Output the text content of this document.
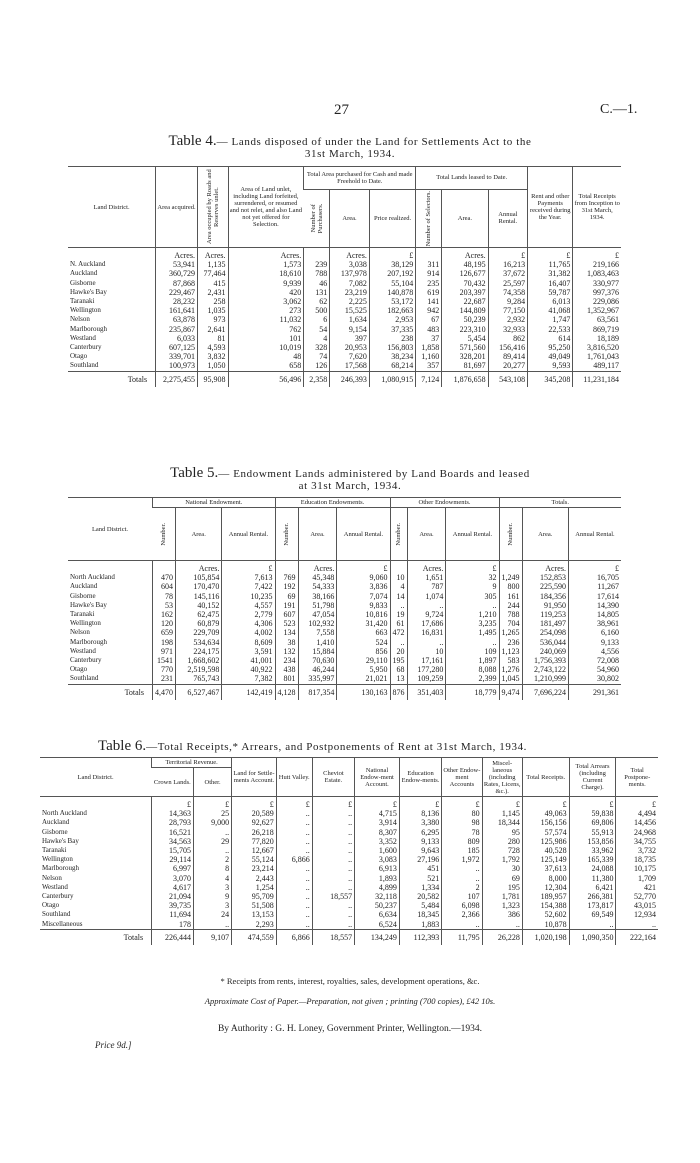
27	C.—1.
Table 4.— Lands disposed of under the Land for Settlements Act to the
31st March, 1934.
Land District.	Area acquired.	Area occupied by Roads and Reserves unlet.	Area of Land unlet, including Land forfeited, surrendered, or resumed and not relet, and also Land not yet offered for Selection.	Total Area purchased for Cash and made Freehold to Date.			Total Lands leased to Date.			Rent and other Payments received during the Year.	Total Receipts from Inception to 31st March, 1934.

				Number of Purchasers.	Area.	Price realized.	Number of Selectors.	Area.	Annual Rental.		
	Acres.	Acres.	Acres.		Acres.	£		Acres.	£	£	£
N. Auckland	53,941	1,135	1,573	239	3,038	38,129	311	48,195	16,213	11,765	219,166
Auckland	360,729	77,464	18,610	788	137,978	207,192	914	126,677	37,672	31,382	1,083,463
Gisborne	87,868	415	9,939	46	7,082	55,104	235	70,432	25,597	16,407	330,977
Hawke's Bay	229,467	2,431	420	131	23,219	140,878	619	203,397	74,358	59,787	997,376
Taranaki	28,232	258	3,062	62	2,225	53,172	141	22,687	9,284	6,013	229,086
Wellington	161,641	1,035	273	500	15,525	182,663	942	144,809	77,150	41,068	1,352,967
Nelson	63,878	973	11,032	6	1,634	2,953	67	50,239	2,932	1,747	63,561
Marlborough	235,867	2,641	762	54	9,154	37,335	483	223,310	32,933	22,533	869,719
Westland	6,033	81	101	4	397	238	37	5,454	862	614	18,189
Canterbury	607,125	4,593	10,019	328	20,953	156,803	1,858	571,560	156,416	95,250	3,816,520
Otago	339,701	3,832	48	74	7,620	38,234	1,160	328,201	89,414	49,049	1,761,043
Southland	100,973	1,050	658	126	17,568	68,214	357	81,697	20,277	9,593	489,117
Totals	2,275,455	95,908	56,496	2,358	246,393	1,080,915	7,124	1,876,658	543,108	345,208	11,231,184
Table 5.— Endowment Lands administered by Land Boards and leased
at 31st March, 1934.
Land District.	National Endowment.			Education Endowments.			Other Endowments.			Totals.		

	Number.	Area.	Annual Rental.	Number.	Area.	Annual Rental.	Number.	Area.	Annual Rental.	Number.	Area.	Annual Rental.
		Acres.	£		Acres.	£		Acres.	£		Acres.	£
North Auckland	470	105,854	7,613	769	45,348	9,060	10	1,651	32	1,249	152,853	16,705
Auckland	604	170,470	7,422	192	54,333	3,836	4	787	9	800	225,590	11,267
Gisborne	78	145,116	10,235	69	38,166	7,074	14	1,074	305	161	184,356	17,614
Hawke's Bay	53	40,152	4,557	191	51,798	9,833	..	..	..	244	91,950	14,390
Taranaki	162	62,475	2,779	607	47,054	10,816	19	9,724	1,210	788	119,253	14,805
Wellington	120	60,879	4,306	523	102,932	31,420	61	17,686	3,235	704	181,497	38,961
Nelson	659	229,709	4,002	134	7,558	663	472	16,831	1,495	1,265	254,098	6,160
Marlborough	198	534,634	8,609	38	1,410	524	..	..	..	236	536,044	9,133
Westland	971	224,175	3,591	132	15,884	856	20	10	109	1,123	240,069	4,556
Canterbury	1541	1,668,602	41,001	234	70,630	29,110	195	17,161	1,897	583	1,756,393	72,008
Otago	770	2,519,598	40,922	438	46,244	5,950	68	177,280	8,088	1,276	2,743,122	54,960
Southland	231	765,743	7,382	801	335,997	21,021	13	109,259	2,399	1,045	1,210,999	30,802
Totals	4,470	6,527,467	142,419	4,128	817,354	130,163	876	351,403	18,779	9,474	7,696,224	291,361
Table 6.—Total Receipts,* Arrears, and Postponements of Rent at 31st March, 1934.
Land District.	Territorial Revenue.		Land for Settle-ments Account.	Hutt Valley.	Cheviot Estate.	National Endow-ment Account.	Education Endow-ments.	Other Endow-ment Accounts	Miscel-laneous (including Rates, Licens, &c.).	Total Receipts.	Total Arrears (including Current Charge).	Total Postpone-ments.
	Crown Lands.	Other.										
	£	£	£	£	£	£	£	£	£	£	£	£
North Auckland	14,363	25	20,589	..	..	4,715	8,136	80	1,145	49,063	59,838	4,494
Auckland	28,793	9,000	92,627	..	..	3,914	3,380	98	18,344	156,156	69,806	14,456
Gisborne	16,521	..	26,218	..	..	8,307	6,295	78	95	57,574	55,913	24,968
Hawke's Bay	34,563	29	77,820	..	..	3,352	9,133	809	280	125,986	153,856	34,755
Taranaki	15,705	..	12,667	..	..	1,600	9,643	185	728	40,528	33,962	3,732
Wellington	29,114	2	55,124	6,866	..	3,083	27,196	1,972	1,792	125,149	165,339	18,735
Marlborough	6,997	8	23,214	..	..	6,913	451	..	30	37,613	24,088	10,175
Nelson	3,070	4	2,443	..	..	1,893	521	..	69	8,000	11,380	1,709
Westland	4,617	3	1,254	..	..	4,899	1,334	2	195	12,304	6,421	421
Canterbury	21,094	9	95,709	..	18,557	32,118	20,582	107	1,781	189,957	266,381	52,770
Otago	39,735	3	51,508	..	..	50,237	5,484	6,098	1,323	154,388	173,817	43,015
Southland	11,694	24	13,153	..	..	6,634	18,345	2,366	386	52,602	69,549	12,934
Miscellaneous	178	..	2,293	..	..	6,524	1,883	..	..	10,878	..	..
Totals	226,444	9,107	474,559	6,866	18,557	134,249	112,393	11,795	26,228	1,020,198	1,090,350	222,164
* Receipts from rents, interest, royalties, sales, development operations, &c.
Approximate Cost of Paper.—Preparation, not given ; printing (700 copies), £42 10s.
By Authority : G. H. Loney, Government Printer, Wellington.—1934.
Price 9d.]
